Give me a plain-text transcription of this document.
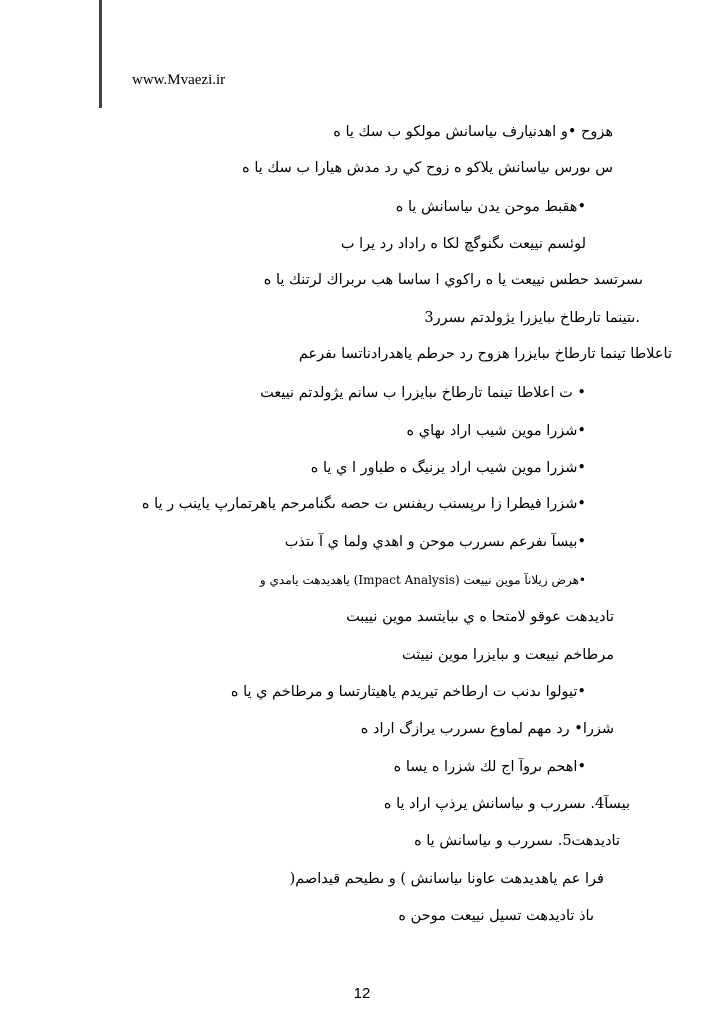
www.Mvaezi.ir
هزوح •و اهدنيارف ىياسانش مولكو ب سك يا ه
س ىورس ىياسانش يلاكو ه زوح كي رد مدش هيارا ب سك يا ه
•هقبط موحن يدن ىياسانش يا ه
لوئسم نييعت ىگنوگچ لكا ه راداد رد يرا ب
ىسرتسد حطس نييعت يا ه راكوي ا ساسا هب ىربراك لرتنك يا ه
.ىتينما تارطاخ ىبايزرا يژولدتم ىسرر3
تاعلاطا تينما تارطاخ ىبايزرا هزوح رد حرطم ياهدرادناتسا ىفرعم
• ت اعلاطا تينما تارطاخ ىبايزرا ب سانم يژولدتم نييعت
•شزرا موين شيب اراد ىهاي ه
•شزرا موين شيب اراد يرنيگ ه طباور ا ي يا ه
•شزرا فيطرا زا ىرپسنب ريفنس ت حصه ىگنامرحم ياهرتمارپ ياينب ر يا ه
•بيسآ ىفرعم ىسررب موحن و اهدي ولما ي آ ىتذب
•هرض زيلانآ موين نييعت (Impact Analysis) ياهديدهت يامدي و
تاديدهت عوقو لامتحا ه ي ىبايتسد موين نييبت
مرطاخم نييعت و ىبايزرا موين نييتت
•تيولوا ىدنب ت ارطاخم تيريدم ياهيتارتسا و مرطاخم ي يا ه
شزرا• رد مهم لماوع ىسررب يرازگ اراد ه
•اهحم ىروآ اج لك شزرا ه يسا ه
بيسآ4. ىسررب و ىياسانش يرذپ اراد يا ه
تاديدهت5. ىسررب و ىياسانش يا ه
فرا عم ياهديدهت عاونا ىياسانش ) و ىطيحم قيداصم(
ىاذ تاديدهت تسيل نييعت موحن ه
12
